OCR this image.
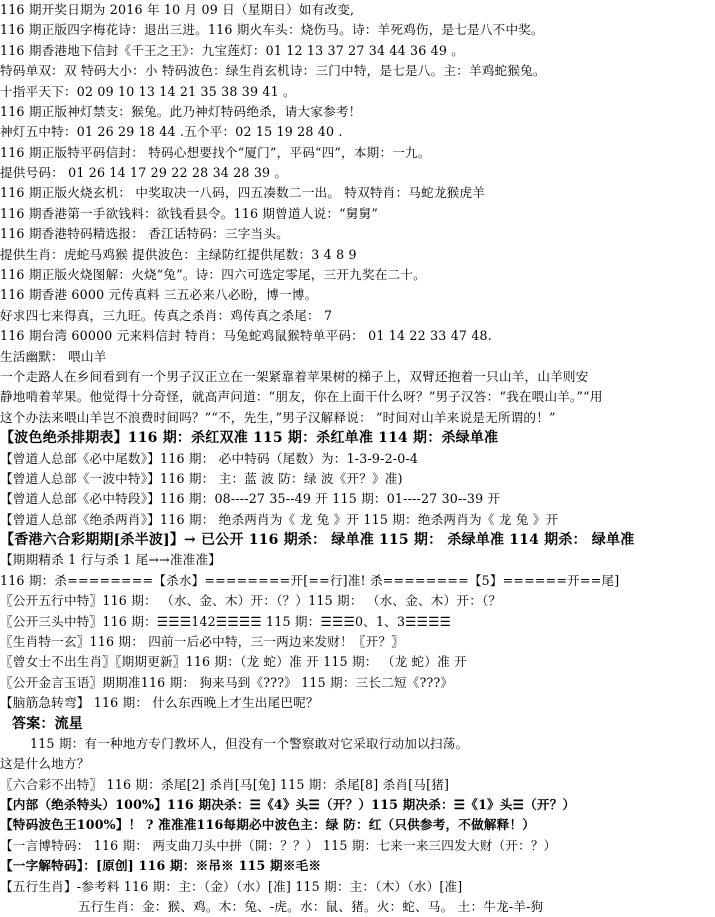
116 期开奖日期为 2016 年 10 月 09 日（星期日）如有改变,
116 期正版四字梅花诗：退出三进。116 期火车头：烧伤马。诗：羊死鸡伤，是七是八不中奖。
116 期香港地下信封《千王之王》：九宝莲灯：01 12 13 37 27 34 44 36 49 。
特码单双：双 特码大小：小 特码波色：绿生肖玄机诗：三门中特，是七是八。主：羊鸡蛇猴兔。
十指平天下：02 09 10 13 14 21 35 38 39 41 。
116 期正版神灯禁支：猴兔。此乃神灯特码绝杀，请大家参考！
神灯五中特：01 26 29 18 44 .五个平：02 15 19 28 40 .
116 期正版特平码信封： 特码心想要找个“厦门”，平码“四”，本期：一九。
提供号码： 01 26 14 17 29 22 28 34 28 39 。
116 期正版火烧玄机： 中奖取决一八码，四五凑数二一出。 特双特肖：马蛇龙猴虎羊
116 期香港第一手欲钱料：欲钱看县令。116 期曾道人说：“舅舅”
116 期香港特码精选报： 香江话特码：三字当头。
提供生肖：虎蛇马鸡猴 提供波色：主绿防红提供尾数：3 4 8 9
116 期正版火烧图解：火烧“兔”。诗：四六可选定零尾，三开九奖在二十。
116 期香港 6000 元传真料 三五必来八必盼，博一博。
好求四七来得真，三九旺。传真之杀肖：鸡传真之杀尾： 7
116 期台湾 60000 元来料信封 特肖：马兔蛇鸡鼠猴特单平码： 01 14 22 33 47 48.
生活幽默： 喂山羊
一个走路人在乡间看到有一个男子汉正立在一架紧靠着苹果树的梯子上，双臂还抱着一只山羊，山羊则安
静地啃着苹果。他觉得十分奇怪，就高声问道：“朋友，你在上面干什么呀？”男子汉答：“我在喂山羊。”“用
这个办法来喂山羊岂不浪费时间吗？”“不，先生，”男子汉解释说： “时间对山羊来说是无所谓的！”
【波色绝杀排期表】116 期：杀红双准 115 期：杀红单准 114 期：杀绿单准
【曾道人总部《必中尾数》】116 期： 必中特码（尾数）为：1-3-9-2-0-4
【曾道人总部《一波中特》】116 期： 主：蓝 波 防：绿 波《开？》准)
【曾道人总部《必中特段》】116 期：08----27 35--49 开 115 期：01----27 30--39 开
【曾道人总部《绝杀两肖》】116 期： 绝杀两肖为《 龙 兔 》开 115 期：绝杀两肖为《 龙 兔 》开
【香港六合彩期期[杀半波]】→ 已公开 116 期杀： 绿单准 115 期： 杀绿单准 114 期杀： 绿单准
【期期精杀 1 行与杀 1 尾→→准准准】
116 期：杀========【杀水】========开[==行]准! 杀========【5】======开==尾]
〖公开五行中特〗116 期： （水、金、木）开：（？）115 期： （水、金、木）开：（？
〖公开三头中特〗116 期：☰☰☰142☰☰☰☰ 115 期：☰☰☰0、1、3☰☰☰☰
〖生肖特一玄〗116 期： 四前一后必中特，三一两边来发财！〖开？〗
〖曾女士不出生肖〗〖期期更新〗116 期：（龙 蛇）准 开 115 期： （龙 蛇）准 开
〖公开金言玉语〗期期准116 期： 狗来马到《???》 115 期：三长二短《???》
【脑筋急转弯】 116 期： 什么东西晚上才生出尾巴呢？
答案：流星
115 期：有一种地方专门教坏人，但没有一个警察敢对它采取行动加以扫荡。
这是什么地方？
〖六合彩不出特〗 116 期：杀尾[2] 杀肖[马[兔] 115 期：杀尾[8] 杀肖[马[猪]
【内部（绝杀特头）100%】116 期决杀：☰《4》头☰（开？）115 期决杀：☰《1》头☰（开？）
【特码波色王100%】！ ? 准准准116每期必中波色主：绿 防：红（只供参考，不做解释！）
【一言博特码： 116 期： 两支曲刀头中拼（開：？？） 115 期：七来一来三四发大财（开：？）
【一字解特码】：[原创] 116 期：※吊※ 115 期※毛※
【五行生肖】-参考料 116 期：主：（金）（水）[准] 115 期：主：（木）（水）[准]
五行生肖：金：猴、鸡。木：兔、-虎。水：鼠、猪。火：蛇、马。 土：牛龙-羊-狗
